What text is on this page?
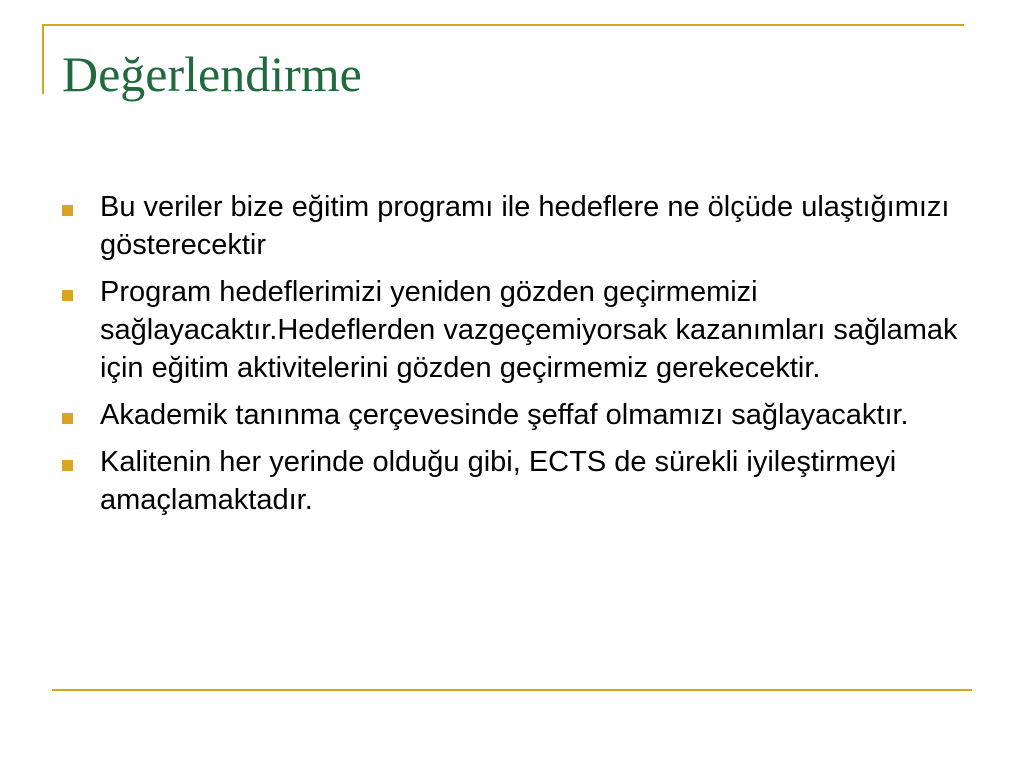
Değerlendirme
Bu veriler bize eğitim programı ile hedeflere ne ölçüde ulaştığımızı gösterecektir
Program hedeflerimizi yeniden gözden geçirmemizi sağlayacaktır.Hedeflerden vazgeçemiyorsak kazanımları sağlamak için eğitim aktivitelerini gözden geçirmemiz gerekecektir.
Akademik tanınma çerçevesinde şeffaf olmamızı sağlayacaktır.
Kalitenin her yerinde olduğu gibi, ECTS de sürekli iyileştirmeyi amaçlamaktadır.
